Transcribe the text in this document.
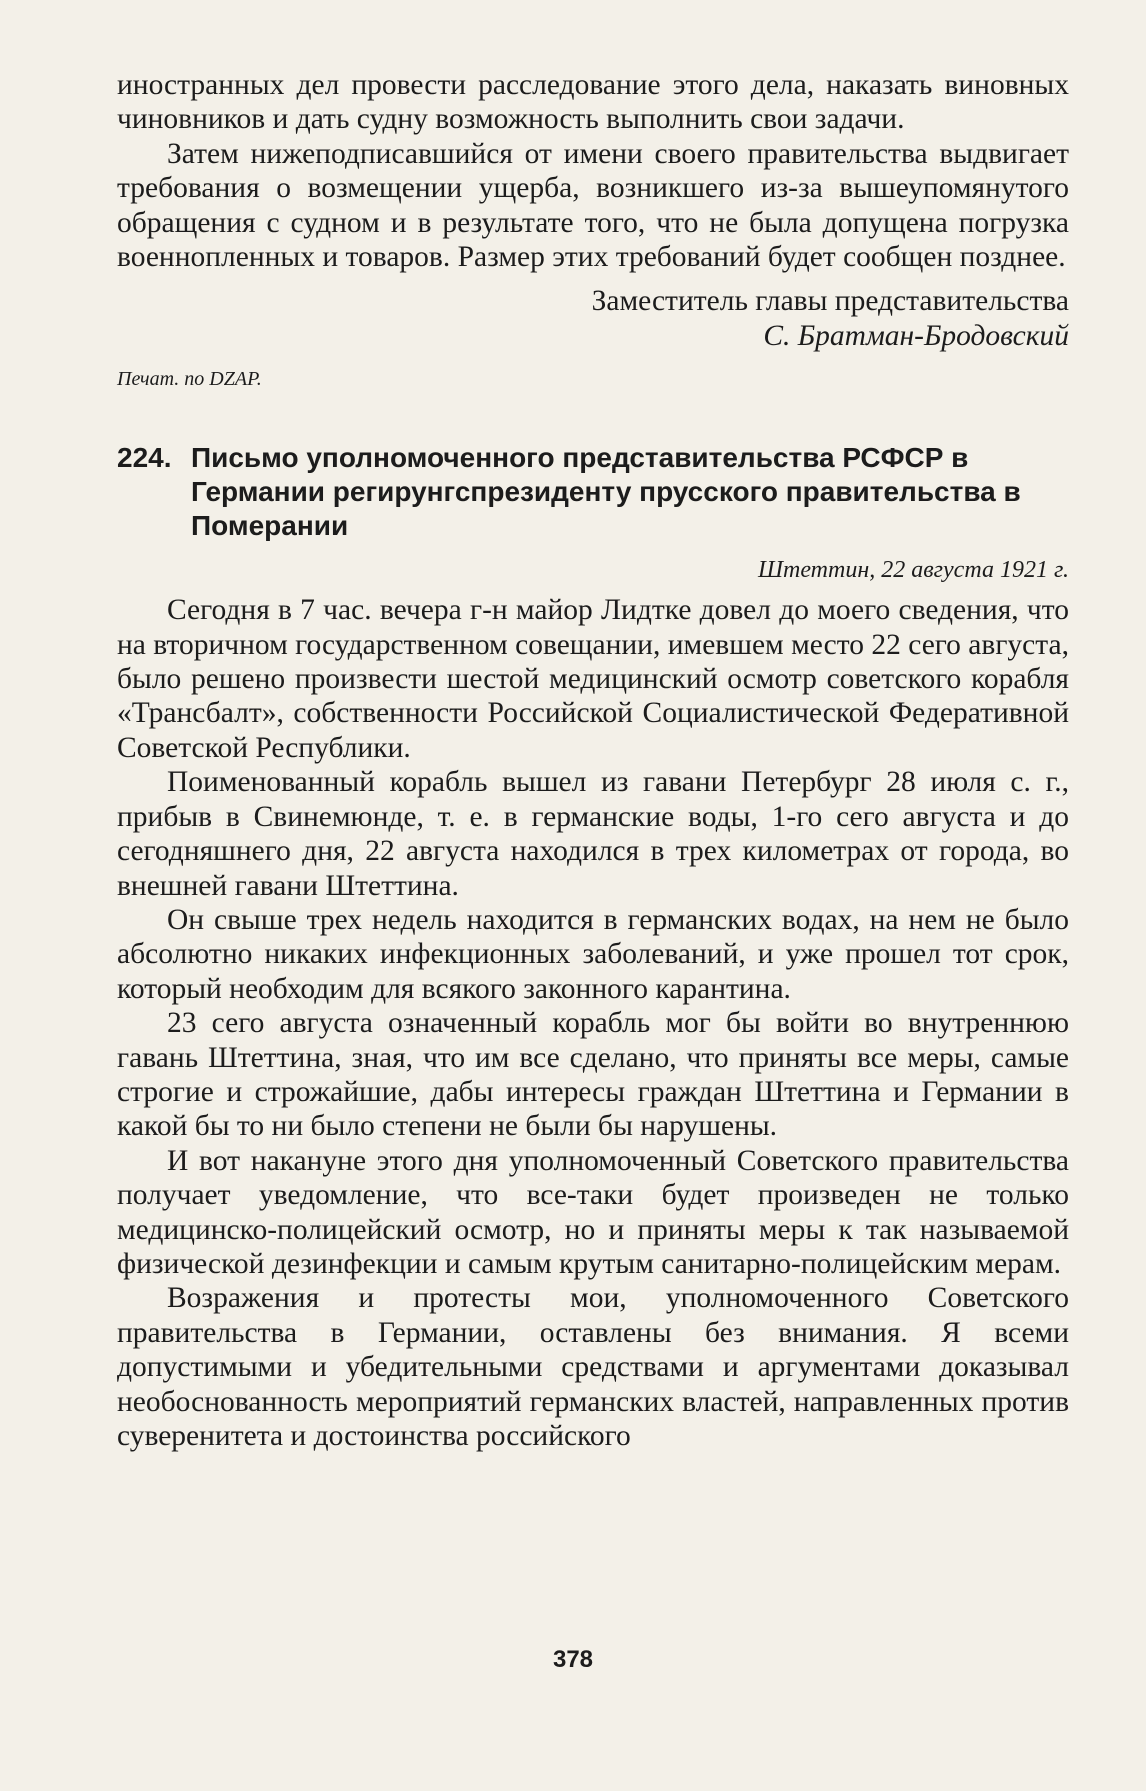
иностранных дел провести расследование этого дела, наказать виновных чиновников и дать судну возможность выполнить свои задачи.

Затем нижеподписавшийся от имени своего правительства выдвигает требования о возмещении ущерба, возникшего из-за вышеупомянутого обращения с судном и в результате того, что не была допущена погрузка военнопленных и товаров. Размер этих требований будет сообщен позднее.

Заместитель главы представительства
С. Братман-Бродовский
Печат. по DZAP.
224. Письмо уполномоченного представительства РСФСР в Германии регирунгспрезиденту прусского правительства в Померании
Штеттин, 22 августа 1921 г.

Сегодня в 7 час. вечера г-н майор Лидтке довел до моего сведения, что на вторичном государственном совещании, имевшем место 22 сего августа, было решено произвести шестой медицинский осмотр советского корабля «Трансбалт», собственности Российской Социалистической Федеративной Советской Республики.

Поименованный корабль вышел из гавани Петербург 28 июля с. г., прибыв в Свинемюнде, т. е. в германские воды, 1-го сего августа и до сегодняшнего дня, 22 августа находился в трех километрах от города, во внешней гавани Штеттина.

Он свыше трех недель находится в германских водах, на нем не было абсолютно никаких инфекционных заболеваний, и уже прошел тот срок, который необходим для всякого законного карантина.

23 сего августа означенный корабль мог бы войти во внутреннюю гавань Штеттина, зная, что им все сделано, что приняты все меры, самые строгие и строжайшие, дабы интересы граждан Штеттина и Германии в какой бы то ни было степени не были бы нарушены.

И вот накануне этого дня уполномоченный Советского правительства получает уведомление, что все-таки будет произведен не только медицинско-полицейский осмотр, но и приняты меры к так называемой физической дезинфекции и самым крутым санитарно-полицейским мерам.

Возражения и протесты мои, уполномоченного Советского правительства в Германии, оставлены без внимания. Я всеми допустимыми и убедительными средствами и аргументами доказывал необоснованность мероприятий германских властей, направленных против суверенитета и достоинства российского

378
